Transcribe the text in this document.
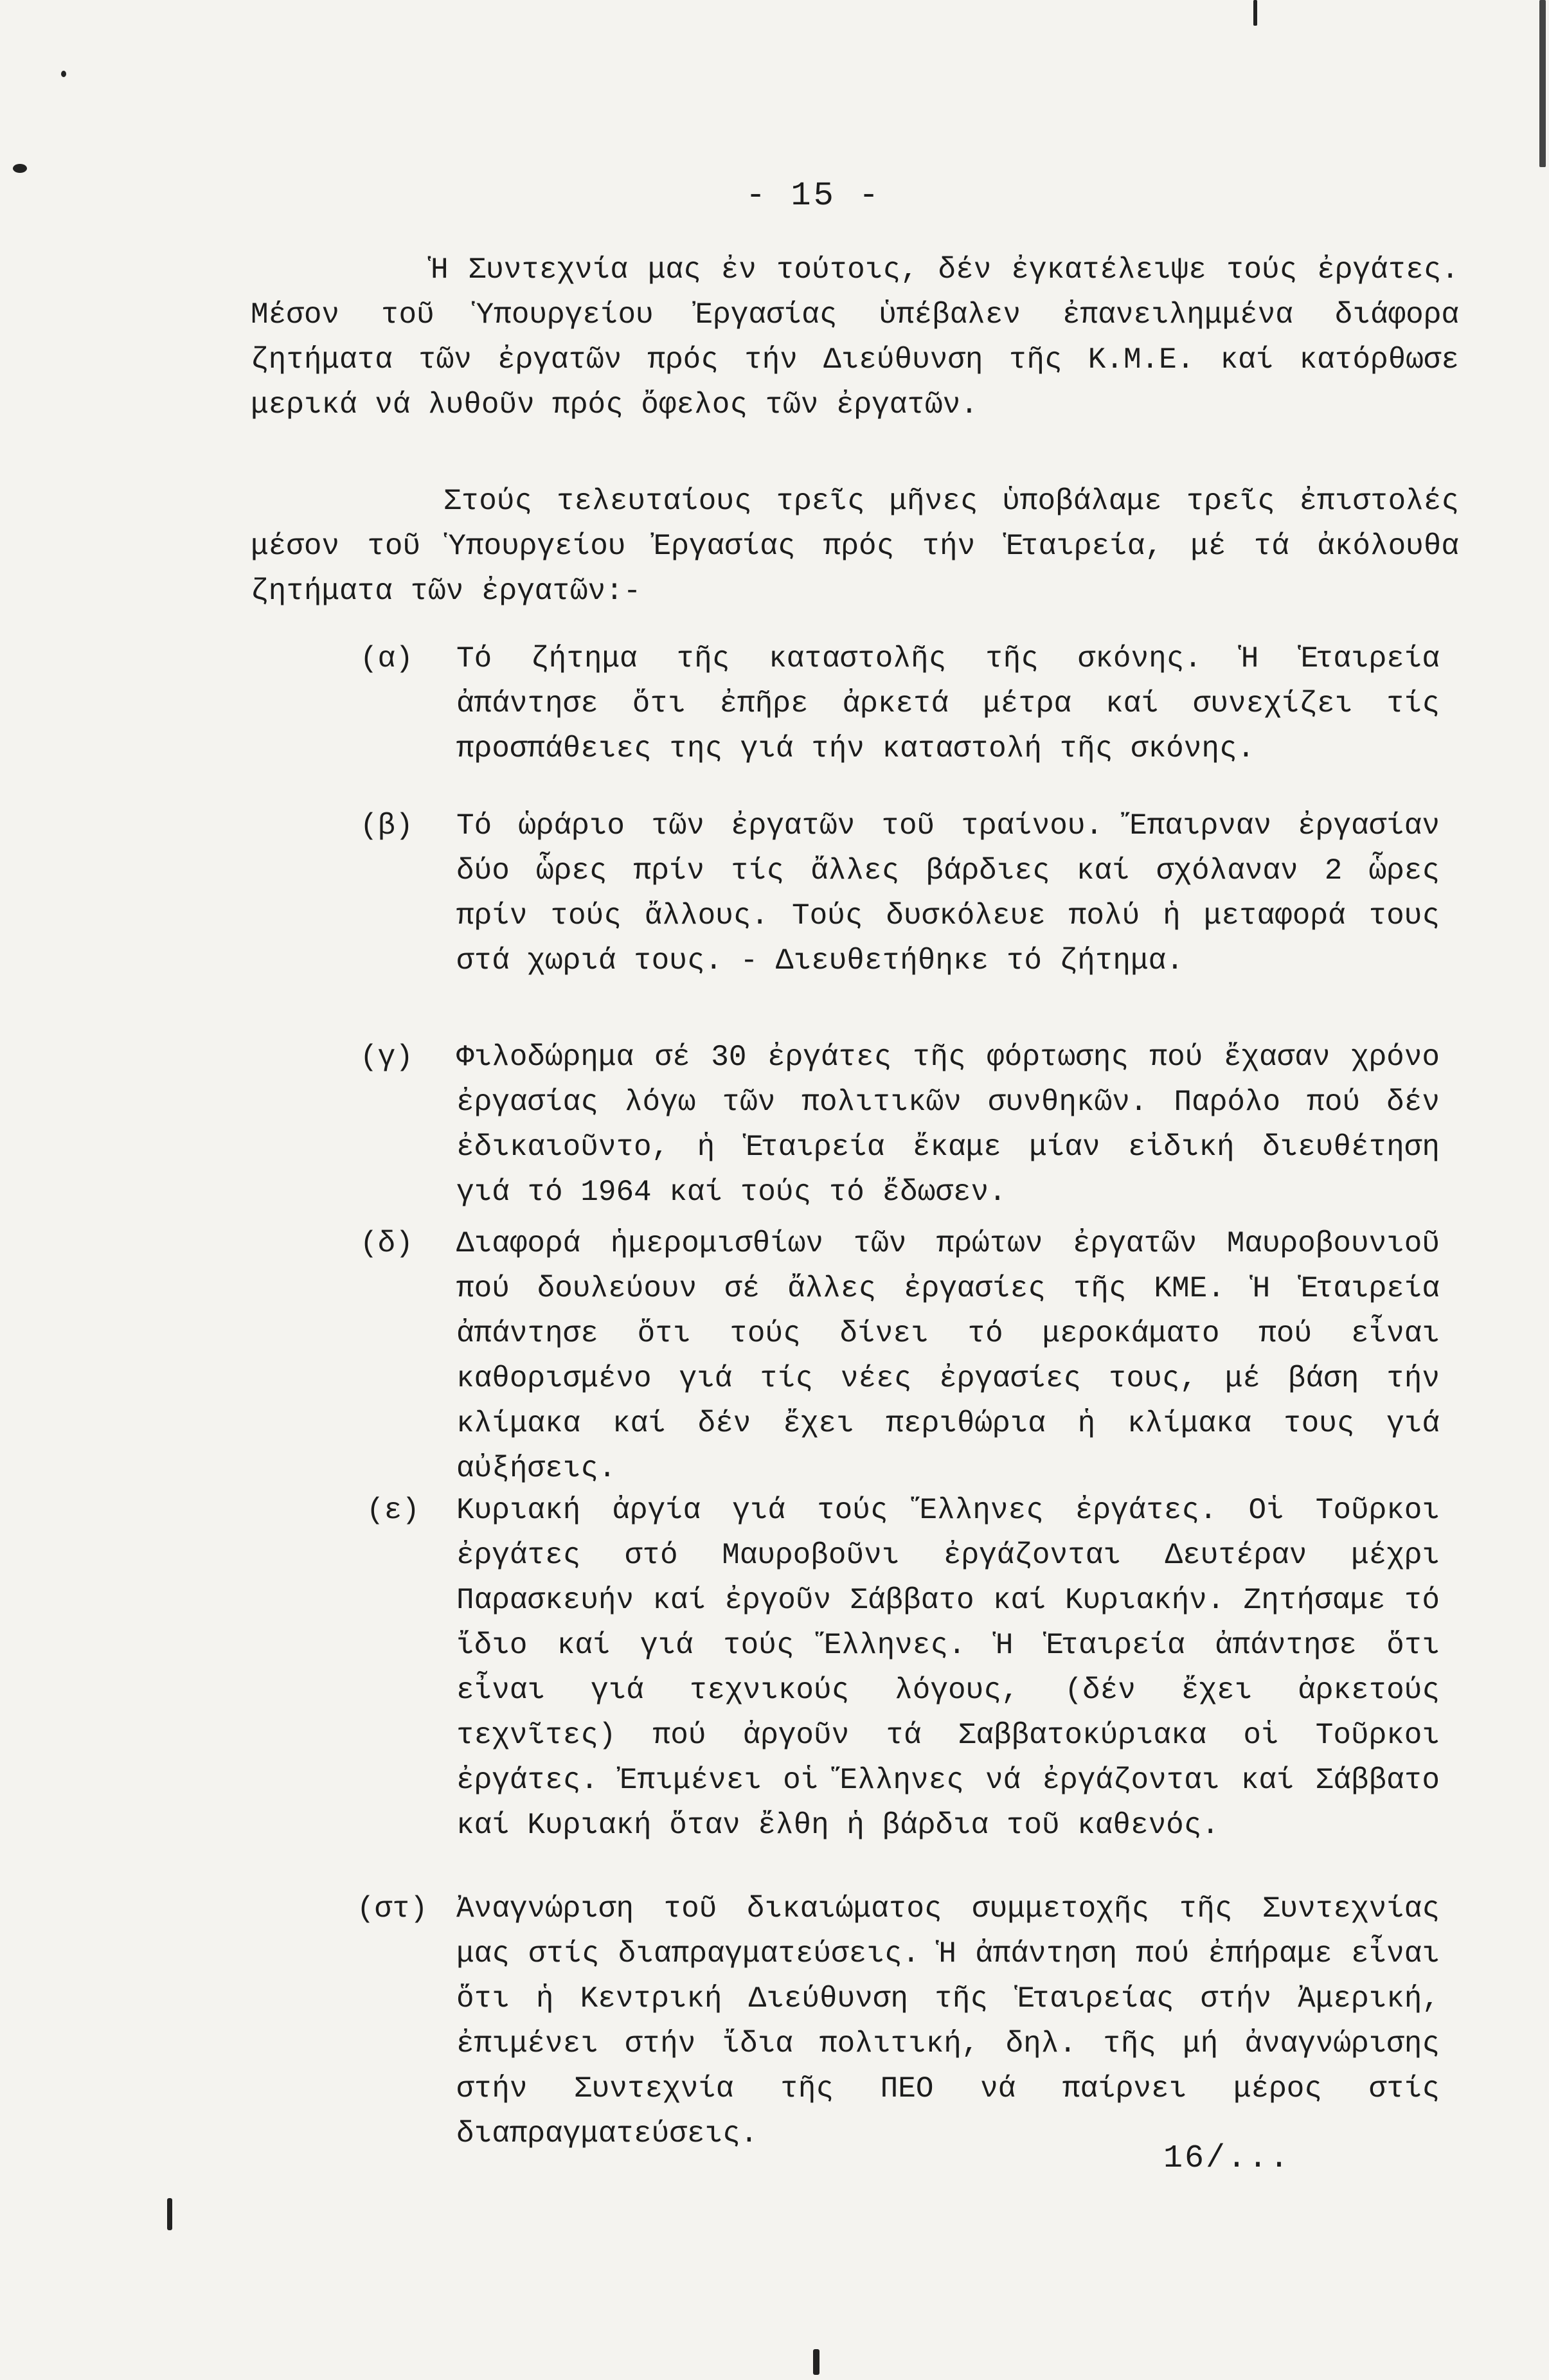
- 15 -
Ἡ Συντεχνία μας ἐν τούτοις, δέν ἐγκατέλειψε τούς ἐργάτες. Μέσον τοῦ Ὑπουργείου Ἐργασίας ὑπέβαλεν ἐπανειλημμένα διάφορα ζητήματα τῶν ἐργατῶν πρός τήν Διεύθυνση τῆς Κ.Μ.Ε. καί κατόρθωσε μερικά νά λυθοῦν πρός ὄφελος τῶν ἐργατῶν.
Στούς τελευταίους τρεῖς μῆνες ὑποβάλαμε τρεῖς ἐπιστολές μέσον τοῦ Ὑπουργείου Ἐργασίας πρός τήν Ἑταιρεία, μέ τά ἀκόλουθα ζητήματα τῶν ἐργατῶν:-
(α) Τό ζήτημα τῆς καταστολῆς τῆς σκόνης. Ἡ Ἑταιρεία ἀπάντησε ὅτι ἐπῆρε ἀρκετά μέτρα καί συνεχίζει τίς προσπάθειες της γιά τήν καταστολή τῆς σκόνης.
(β) Τό ὡράριο τῶν ἐργατῶν τοῦ τραίνου. Ἔπαιρναν ἐργασίαν δύο ὧρες πρίν τίς ἄλλες βάρδιες καί σχόλαναν 2 ὧρες πρίν τούς ἄλλους. Τούς δυσκόλευε πολύ ἡ μεταφορά τους στά χωριά τους. - Διευθετήθηκε τό ζήτημα.
(γ) Φιλοδώρημα σέ 30 ἐργάτες τῆς φόρτωσης πού ἔχασαν χρόνο ἐργασίας λόγω τῶν πολιτικῶν συνθηκῶν. Παρόλο πού δέν ἐδικαιοῦντο, ἡ Ἑταιρεία ἔκαμε μίαν εἰδική διευθέτηση γιά τό 1964 καί τούς τό ἔδωσεν.
(δ) Διαφορά ἡμερομισθίων τῶν πρώτων ἐργατῶν Μαυροβουνιοῦ πού δουλεύουν σέ ἄλλες ἐργασίες τῆς ΚΜΕ. Ἡ Ἑταιρεία ἀπάντησε ὅτι τούς δίνει τό μεροκάματο πού εἶναι καθορισμένο γιά τίς νέες ἐργασίες τους, μέ βάση τήν κλίμακα καί δέν ἔχει περιθώρια ἡ κλίμακα τους γιά αὐξήσεις.
(ε) Κυριακή ἀργία γιά τούς Ἕλληνες ἐργάτες. Οἱ Τοῦρκοι ἐργάτες στό Μαυροβοῦνι ἐργάζονται Δευτέραν μέχρι Παρασκευήν καί ἐργοῦν Σάββατο καί Κυριακήν. Ζητήσαμε τό ἴδιο καί γιά τούς Ἕλληνες. Ἡ Ἑταιρεία ἀπάντησε ὅτι εἶναι γιά τεχνικούς λόγους, (δέν ἔχει ἀρκετούς τεχνῖτες) πού ἀργοῦν τά Σαββατοκύριακα οἱ Τοῦρκοι ἐργάτες. Ἐπιμένει οἱ Ἕλληνες νά ἐργάζονται καί Σάββατο καί Κυριακή ὅταν ἔλθη ἡ βάρδια τοῦ καθενός.
(στ) Ἀναγνώριση τοῦ δικαιώματος συμμετοχῆς τῆς Συντεχνίας μας στίς διαπραγματεύσεις. Ἡ ἀπάντηση πού ἐπήραμε εἶναι ὅτι ἡ Κεντρική Διεύθυνση τῆς Ἑταιρείας στήν Ἀμερική, ἐπιμένει στήν ἴδια πολιτική, δηλ. τῆς μή ἀναγνώρισης στήν Συντεχνία τῆς ΠΕΟ νά παίρνει μέρος στίς διαπραγματεύσεις.
16/...
